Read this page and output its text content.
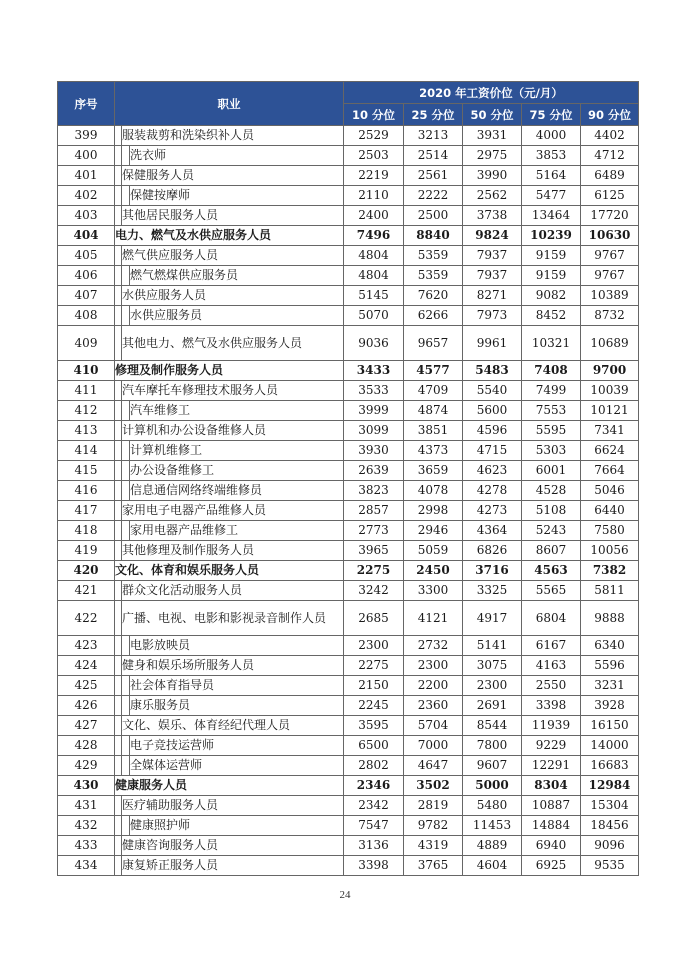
序号	职业			2020 年工资价位（元/月）				
				10 分位	25 分位	50 分位	75 分位	90 分位
399		服装裁剪和洗染织补人员		2529	3213	3931	4000	4402
400			洗衣师	2503	2514	2975	3853	4712
401		保健服务人员		2219	2561	3990	5164	6489
402			保健按摩师	2110	2222	2562	5477	6125
403		其他居民服务人员		2400	2500	3738	13464	17720
404	电力、燃气及水供应服务人员			7496	8840	9824	10239	10630
405		燃气供应服务人员		4804	5359	7937	9159	9767
406			燃气燃煤供应服务员	4804	5359	7937	9159	9767
407		水供应服务人员		5145	7620	8271	9082	10389
408			水供应服务员	5070	6266	7973	8452	8732
409		其他电力、燃气及水供应服务人员		9036	9657	9961	10321	10689
410	修理及制作服务人员			3433	4577	5483	7408	9700
411		汽车摩托车修理技术服务人员		3533	4709	5540	7499	10039
412			汽车维修工	3999	4874	5600	7553	10121
413		计算机和办公设备维修人员		3099	3851	4596	5595	7341
414			计算机维修工	3930	4373	4715	5303	6624
415			办公设备维修工	2639	3659	4623	6001	7664
416			信息通信网络终端维修员	3823	4078	4278	4528	5046
417		家用电子电器产品维修人员		2857	2998	4273	5108	6440
418			家用电器产品维修工	2773	2946	4364	5243	7580
419		其他修理及制作服务人员		3965	5059	6826	8607	10056
420	文化、体育和娱乐服务人员			2275	2450	3716	4563	7382
421		群众文化活动服务人员		3242	3300	3325	5565	5811
422		广播、电视、电影和影视录音制作人员		2685	4121	4917	6804	9888
423			电影放映员	2300	2732	5141	6167	6340
424		健身和娱乐场所服务人员		2275	2300	3075	4163	5596
425			社会体育指导员	2150	2200	2300	2550	3231
426			康乐服务员	2245	2360	2691	3398	3928
427		文化、娱乐、体育经纪代理人员		3595	5704	8544	11939	16150
428			电子竞技运营师	6500	7000	7800	9229	14000
429			全媒体运营师	2802	4647	9607	12291	16683
430	健康服务人员			2346	3502	5000	8304	12984
431		医疗辅助服务人员		2342	2819	5480	10887	15304
432			健康照护师	7547	9782	11453	14884	18456
433		健康咨询服务人员		3136	4319	4889	6940	9096
434		康复矫正服务人员		3398	3765	4604	6925	9535
24
